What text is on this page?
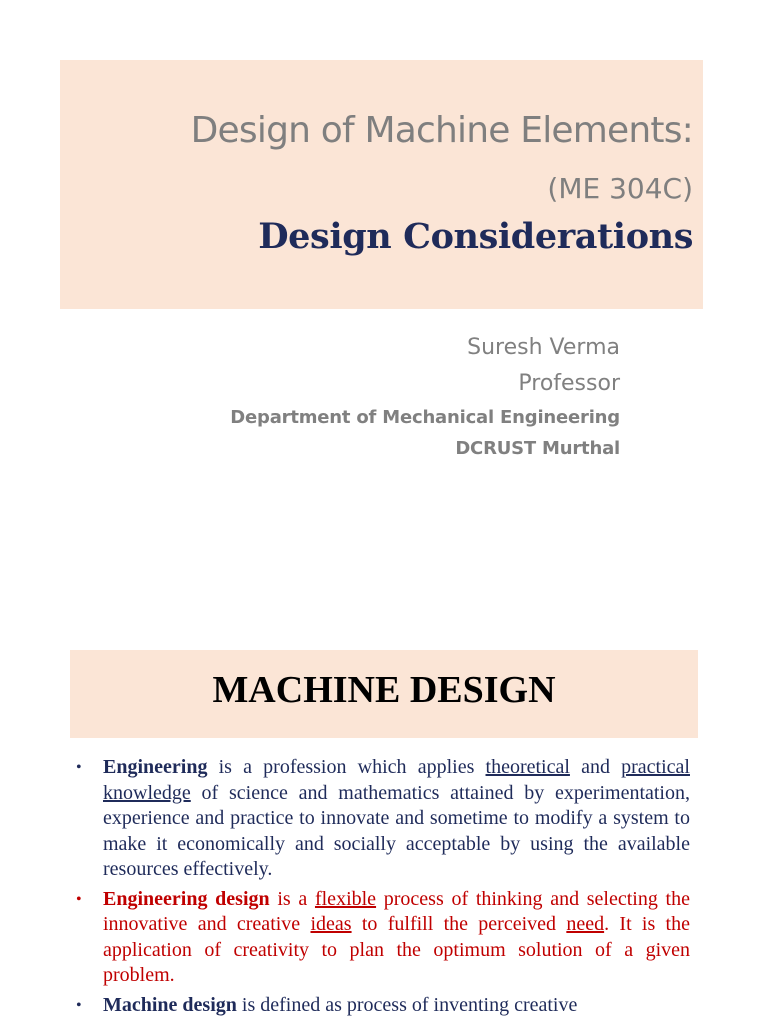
Design of Machine Elements:
(ME 304C)
Design Considerations
Suresh Verma
Professor
Department of Mechanical Engineering
DCRUST Murthal
MACHINE DESIGN
• Engineering is a profession which applies theoretical and practical knowledge of science and mathematics attained by experimentation, experience and practice to innovate and sometime to modify a system to make it economically and socially acceptable by using the available resources effectively.
• Engineering design is a flexible process of thinking and selecting the innovative and creative ideas to fulfill the perceived need. It is the application of creativity to plan the optimum solution of a given problem.
• Machine design is defined as process of inventing creative
